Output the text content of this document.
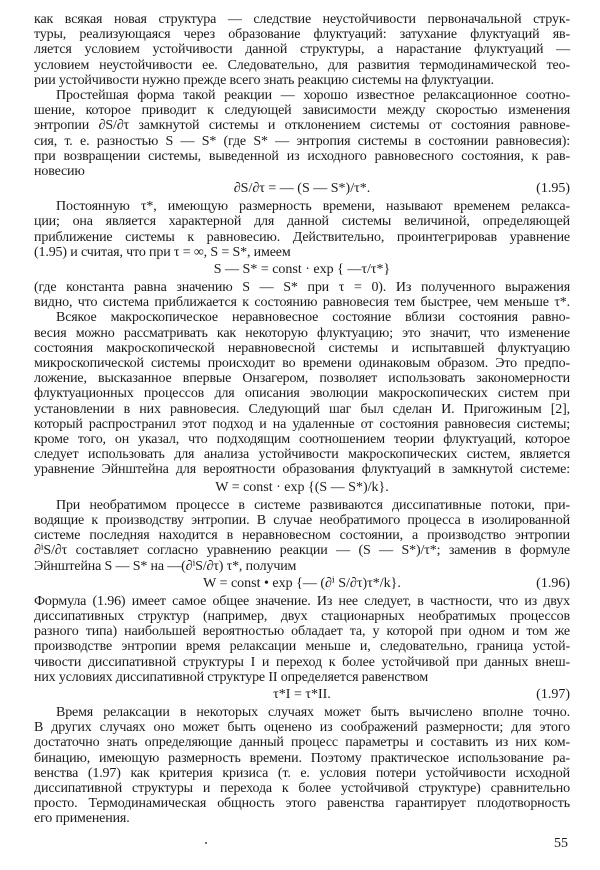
как всякая новая структура — следствие неустойчивости первоначальной струк-
туры, реализующаяся через образование флуктуаций: затухание флуктуаций яв-
ляется условием устойчивости данной структуры, а нарастание флуктуаций —
условием неустойчивости ее. Следовательно, для развития термодинамической тео-
рии устойчивости нужно прежде всего знать реакцию системы на флуктуации.
Простейшая форма такой реакции — хорошо известное релаксационное соотно-
шение, которое приводит к следующей зависимости между скоростью изменения
энтропии ∂S/∂τ замкнутой системы и отклонением системы от состояния равнове-
сия, т. е. разностью S — S* (где S* — энтропия системы в состоянии равновесия):
при возвращении системы, выведенной из исходного равновесного состояния, к рав-
новесию
∂S/∂τ = — (S — S*)/τ*.	(1.95)
Постоянную τ*, имеющую размерность времени, называют временем релакса-
ции; она является характерной для данной системы величиной, определяющей
приближение системы к равновесию. Действительно, проинтегрировав уравнение
(1.95) и считая, что при τ = ∞, S = S*, имеем
S — S* = const · exp { —τ/τ*}
(где константа равна значению S — S* при τ = 0). Из полученного выражения
видно, что система приближается к состоянию равновесия тем быстрее, чем меньше τ*.
Всякое макроскопическое неравновесное состояние вблизи состояния равно-
весия можно рассматривать как некоторую флуктуацию; это значит, что изменение
состояния макроскопической неравновесной системы и испытавшей флуктуацию
микроскопической системы происходит во времени одинаковым образом. Это предпо-
ложение, высказанное впервые Онзагером, позволяет использовать закономерности
флуктуационных процессов для описания эволюции макроскопических систем при
установлении в них равновесия. Следующий шаг был сделан И. Пригожиным [2],
который распространил этот подход и на удаленные от состояния равновесия системы;
кроме того, он указал, что подходящим соотношением теории флуктуаций, которое
следует использовать для анализа устойчивости макроскопических систем, является
уравнение Эйнштейна для вероятности образования флуктуаций в замкнутой системе:
W = const · exp {(S — S*)/k}.
При необратимом процессе в системе развиваются диссипативные потоки, при-
водящие к производству энтропии. В случае необратимого процесса в изолированной
системе последняя находится в неравновесном состоянии, а производство энтропии
∂ⁱS/∂τ составляет согласно уравнению реакции — (S — S*)/τ*; заменив в формуле
Эйнштейна S — S* на —(∂ⁱS/∂τ) τ*, получим
W = const • exp {— (∂ⁱ S/∂τ)τ*/k}.	(1.96)
Формула (1.96) имеет самое общее значение. Из нее следует, в частности, что из двух
диссипативных структур (например, двух стационарных необратимых процессов
разного типа) наибольшей вероятностью обладает та, у которой при одном и том же
производстве энтропии время релаксации меньше и, следовательно, граница устой-
чивости диссипативной структуры I и переход к более устойчивой при данных внеш-
них условиях диссипативной структуре II определяется равенством
τ*I = τ*II.	(1.97)
Время релаксации в некоторых случаях может быть вычислено вполне точно.
В других случаях оно может быть оценено из соображений размерности; для этого
достаточно знать определяющие данный процесс параметры и составить из них ком-
бинацию, имеющую размерность времени. Поэтому практическое использование ра-
венства (1.97) как критерия кризиса (т. е. условия потери устойчивости исходной
диссипативной структуры и перехода к более устойчивой структуре) сравнительно
просто. Термодинамическая общность этого равенства гарантирует плодотворность
его применения.
55
